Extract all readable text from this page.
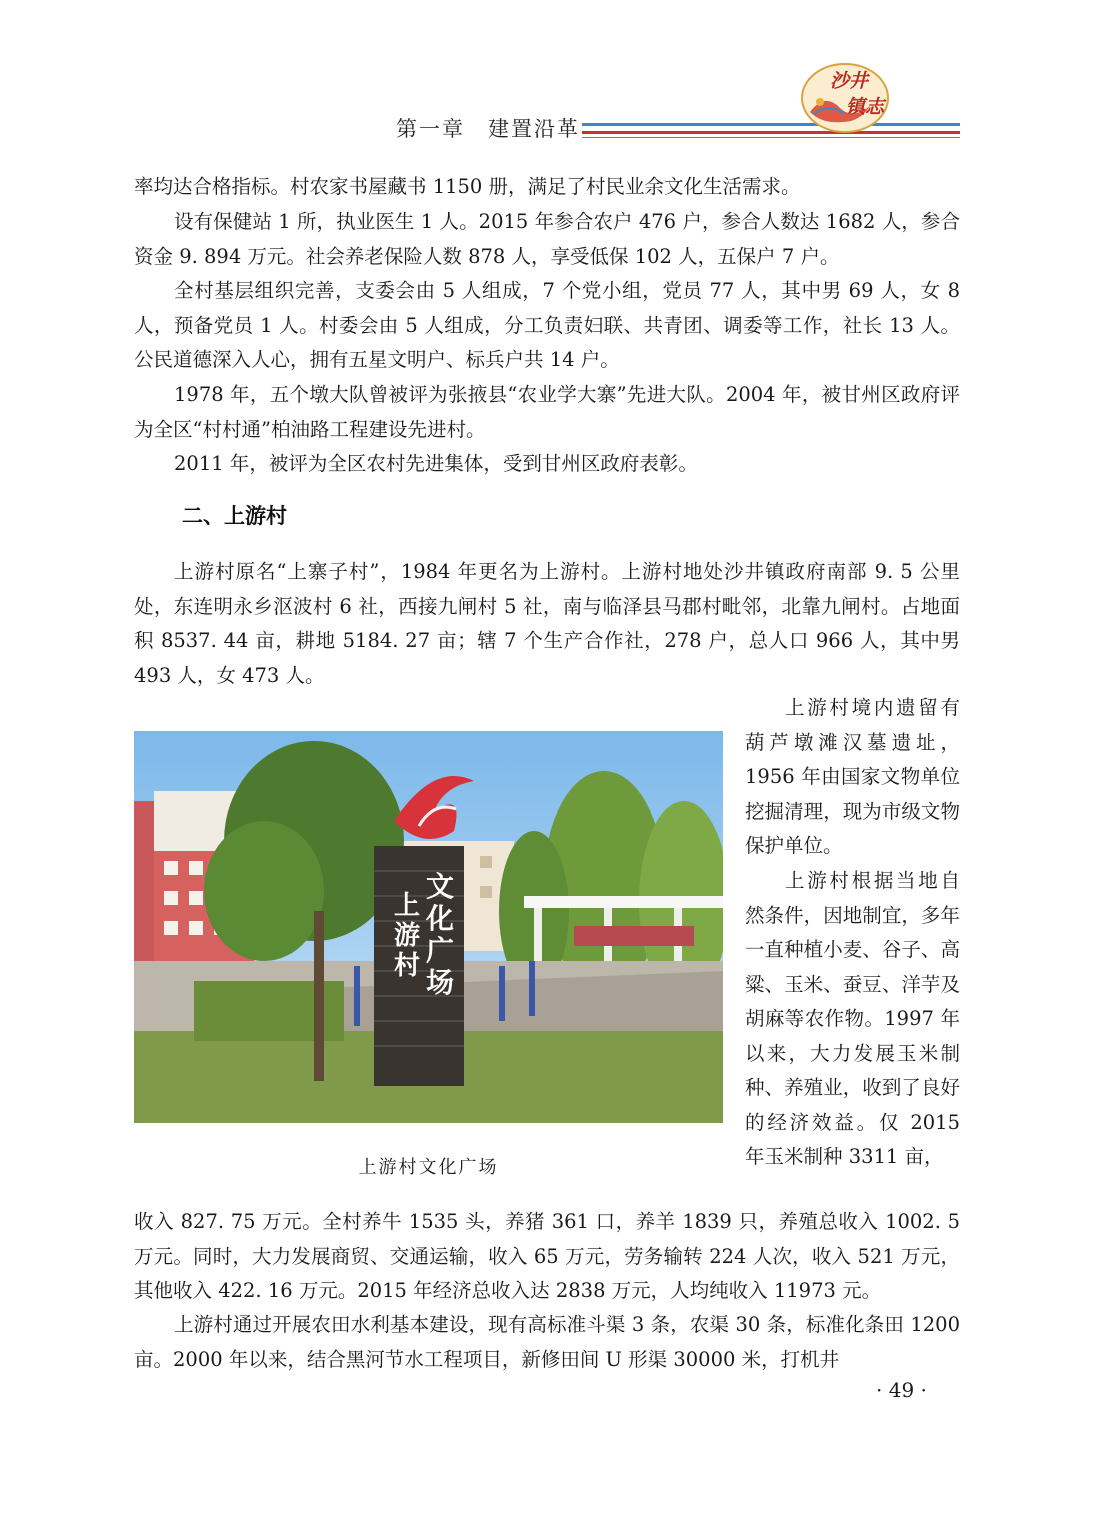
第一章　建置沿革
沙井
镇志

率均达合格指标。村农家书屋藏书 1150 册，满足了村民业余文化生活需求。

设有保健站 1 所，执业医生 1 人。2015 年参合农户 476 户，参合人数达 1682 人，参合资金 9. 894 万元。社会养老保险人数 878 人，享受低保 102 人，五保户 7 户。

全村基层组织完善，支委会由 5 人组成，7 个党小组，党员 77 人，其中男 69 人，女 8 人，预备党员 1 人。村委会由 5 人组成，分工负责妇联、共青团、调委等工作，社长 13 人。公民道德深入人心，拥有五星文明户、标兵户共 14 户。

1978 年，五个墩大队曾被评为张掖县“农业学大寨”先进大队。2004 年，被甘州区政府评为全区“村村通”柏油路工程建设先进村。

2011 年，被评为全区农村先进集体，受到甘州区政府表彰。

二、上游村

上游村原名“上寨子村”，1984 年更名为上游村。上游村地处沙井镇政府南部 9. 5 公里处，东连明永乡沤波村 6 社，西接九闸村 5 社，南与临泽县马郡村毗邻，北靠九闸村。占地面积 8537. 44 亩，耕地 5184. 27 亩；辖 7 个生产合作社，278 户，总人口 966 人，其中男 493 人，女 473 人。

上游村境内遗留有葫芦墩滩汉墓遗址，1956 年由国家文物单位挖掘清理，现为市级文物保护单位。

上游村根据当地自然条件，因地制宜，多年一直种植小麦、谷子、高粱、玉米、蚕豆、洋芋及胡麻等农作物。1997 年以来，大力发展玉米制种、养殖业，收到了良好的经济效益。仅 2015 年玉米制种 3311 亩，

上游村
文化广场
上游村文化广场

收入 827. 75 万元。全村养牛 1535 头，养猪 361 口，养羊 1839 只，养殖总收入 1002. 5 万元。同时，大力发展商贸、交通运输，收入 65 万元，劳务输转 224 人次，收入 521 万元，其他收入 422. 16 万元。2015 年经济总收入达 2838 万元，人均纯收入 11973 元。

上游村通过开展农田水利基本建设，现有高标准斗渠 3 条，农渠 30 条，标准化条田 1200 亩。2000 年以来，结合黑河节水工程项目，新修田间 U 形渠 30000 米，打机井

· 49 ·
